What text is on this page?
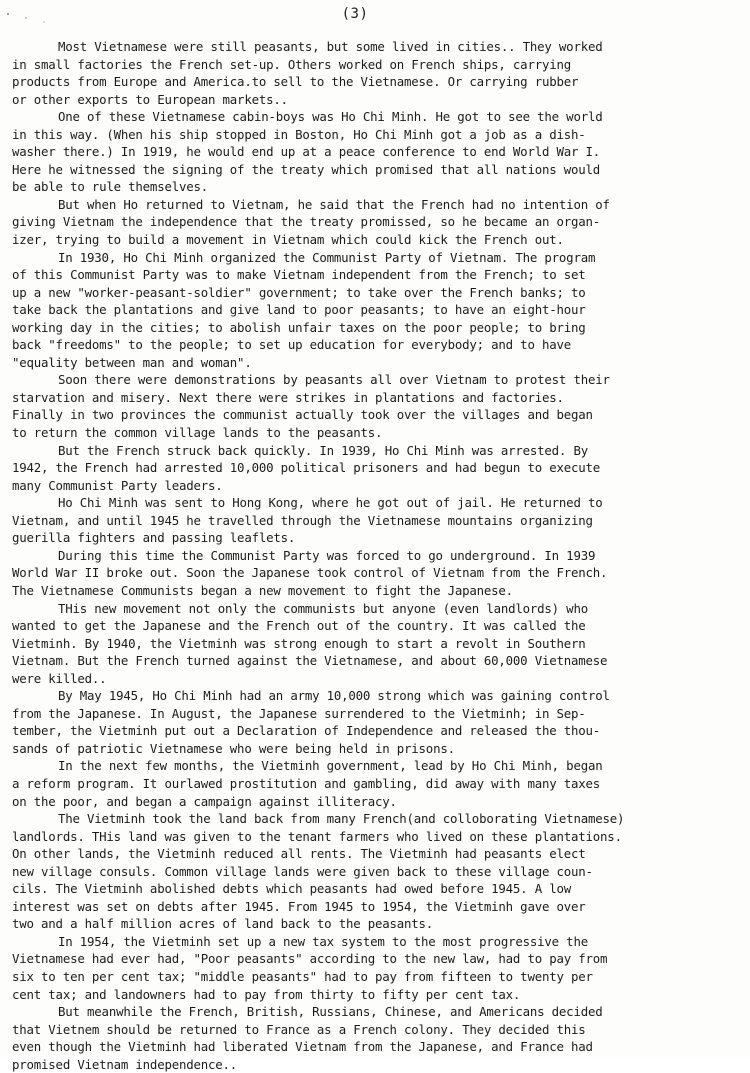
(3)
Most Vietnamese were still peasants, but some lived in cities.. They worked
in small factories the French set-up. Others worked on French ships, carrying
products from Europe and America.to sell to the Vietnamese. Or carrying rubber
or other exports to European markets..
One of these Vietnamese cabin-boys was Ho Chi Minh. He got to see the world
in this way. (When his ship stopped in Boston, Ho Chi Minh got a job as a dish-
washer there.) In 1919, he would end up at a peace conference to end World War I.
Here he witnessed the signing of the treaty which promised that all nations would
be able to rule themselves.
But when Ho returned to Vietnam, he said that the French had no intention of
giving Vietnam the independence that the treaty promissed, so he became an organ-
izer, trying to build a movement in Vietnam which could kick the French out.
In 1930, Ho Chi Minh organized the Communist Party of Vietnam. The program
of this Communist Party was to make Vietnam independent from the French; to set
up a new "worker-peasant-soldier" government; to take over the French banks; to
take back the plantations and give land to poor peasants; to have an eight-hour
working day in the cities; to abolish unfair taxes on the poor people; to bring
back "freedoms" to the people; to set up education for everybody; and to have
"equality between man and woman".
Soon there were demonstrations by peasants all over Vietnam to protest their
starvation and misery. Next there were strikes in plantations and factories.
Finally in two provinces the communist actually took over the villages and began
to return the common village lands to the peasants.
But the French struck back quickly. In 1939, Ho Chi Minh was arrested. By
1942, the French had arrested 10,000 political prisoners and had begun to execute
many Communist Party leaders.
Ho Chi Minh was sent to Hong Kong, where he got out of jail. He returned to
Vietnam, and until 1945 he travelled through the Vietnamese mountains organizing
guerilla fighters and passing leaflets.
During this time the Communist Party was forced to go underground. In 1939
World War II broke out. Soon the Japanese took control of Vietnam from the French.
The Vietnamese Communists began a new movement to fight the Japanese.
THis new movement not only the communists but anyone (even landlords) who
wanted to get the Japanese and the French out of the country. It was called the
Vietminh. By 1940, the Vietminh was strong enough to start a revolt in Southern
Vietnam. But the French turned against the Vietnamese, and about 60,000 Vietnamese
were killed..
By May 1945, Ho Chi Minh had an army 10,000 strong which was gaining control
from the Japanese. In August, the Japanese surrendered to the Vietminh; in Sep-
tember, the Vietminh put out a Declaration of Independence and released the thou-
sands of patriotic Vietnamese who were being held in prisons.
In the next few months, the Vietminh government, lead by Ho Chi Minh, began
a reform program. It ourlawed prostitution and gambling, did away with many taxes
on the poor, and began a campaign against illiteracy.
The Vietminh took the land back from many French(and colloborating Vietnamese)
landlords. THis land was given to the tenant farmers who lived on these plantations.
On other lands, the Vietminh reduced all rents. The Vietminh had peasants elect
new village consuls. Common village lands were given back to these village coun-
cils. The Vietminh abolished debts which peasants had owed before 1945. A low
interest was set on debts after 1945. From 1945 to 1954, the Vietminh gave over
two and a half million acres of land back to the peasants.
In 1954, the Vietminh set up a new tax system to the most progressive the
Vietnamese had ever had, "Poor peasants" according to the new law, had to pay from
six to ten per cent tax; "middle peasants" had to pay from fifteen to twenty per
cent tax; and landowners had to pay from thirty to fifty per cent tax.
But meanwhile the French, British, Russians, Chinese, and Americans decided
that Vietnem should be returned to France as a French colony. They decided this
even though the Vietminh had liberated Vietnam from the Japanese, and France had
promised Vietnam independence..
